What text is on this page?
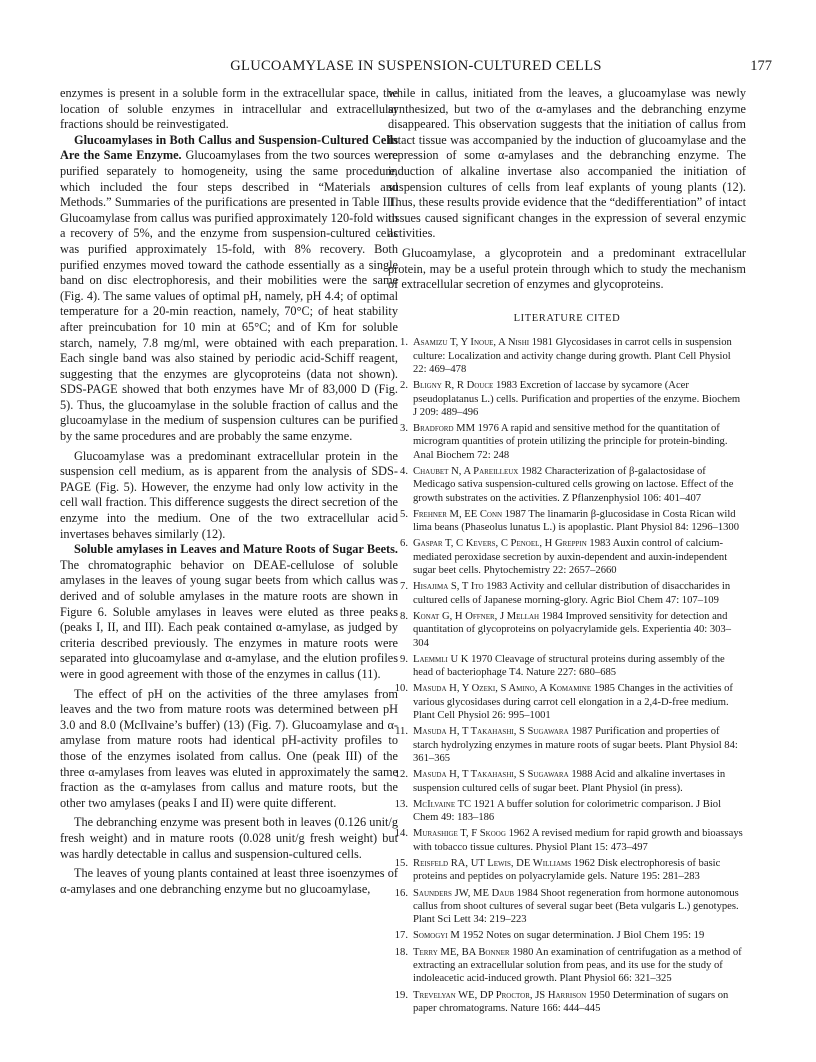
GLUCOAMYLASE IN SUSPENSION-CULTURED CELLS	177

enzymes is present in a soluble form in the extracellular space, the location of soluble enzymes in intracellular and extracellular fractions should be reinvestigated.

Glucoamylases in Both Callus and Suspension-Cultured Cells Are the Same Enzyme. Glucoamylases from the two sources were purified separately to homogeneity, using the same procedure, which included the four steps described in “Materials and Methods.” Summaries of the purifications are presented in Table III. Glucoamylase from callus was purified approximately 120-fold with a recovery of 5%, and the enzyme from suspension-cultured cells was purified approximately 15-fold, with 8% recovery. Both purified enzymes moved toward the cathode essentially as a single band on disc electrophoresis, and their mobilities were the same (Fig. 4). The same values of optimal pH, namely, pH 4.4; of optimal temperature for a 20-min reaction, namely, 70°C; of heat stability after preincubation for 10 min at 65°C; and of Km for soluble starch, namely, 7.8 mg/ml, were obtained with each preparation. Each single band was also stained by periodic acid-Schiff reagent, suggesting that the enzymes are glycoproteins (data not shown). SDS-PAGE showed that both enzymes have Mr of 83,000 D (Fig. 5). Thus, the glucoamylase in the soluble fraction of callus and the glucoamylase in the medium of suspension cultures can be purified by the same procedures and are probably the same enzyme.

Glucoamylase was a predominant extracellular protein in the suspension cell medium, as is apparent from the analysis of SDS-PAGE (Fig. 5). However, the enzyme had only low activity in the cell wall fraction. This difference suggests the direct secretion of the enzyme into the medium. One of the two extracellular acid invertases behaves similarly (12).

Soluble amylases in Leaves and Mature Roots of Sugar Beets. The chromatographic behavior on DEAE-cellulose of soluble amylases in the leaves of young sugar beets from which callus was derived and of soluble amylases in the mature roots are shown in Figure 6. Soluble amylases in leaves were eluted as three peaks (peaks I, II, and III). Each peak contained α-amylase, as judged by criteria described previously. The enzymes in mature roots were separated into glucoamylase and α-amylase, and the elution profiles were in good agreement with those of the enzymes in callus (11).

The effect of pH on the activities of the three amylases from leaves and the two from mature roots was determined between pH 3.0 and 8.0 (McIlvaine’s buffer) (13) (Fig. 7). Glucoamylase and α-amylase from mature roots had identical pH-activity profiles to those of the enzymes isolated from callus. One (peak III) of the three α-amylases from leaves was eluted in approximately the same fraction as the α-amylases from callus and mature roots, but the other two amylases (peaks I and II) were quite different.

The debranching enzyme was present both in leaves (0.126 unit/g fresh weight) and in mature roots (0.028 unit/g fresh weight) but was hardly detectable in callus and suspension-cultured cells.

The leaves of young plants contained at least three isoenzymes of α-amylases and one debranching enzyme but no glucoamylase,

while in callus, initiated from the leaves, a glucoamylase was newly synthesized, but two of the α-amylases and the debranching enzyme disappeared. This observation suggests that the initiation of callus from intact tissue was accompanied by the induction of glucoamylase and the repression of some α-amylases and the debranching enzyme. The induction of alkaline invertase also accompanied the initiation of suspension cultures of cells from leaf explants of young plants (12). Thus, these results provide evidence that the “dedifferentiation” of intact tissues caused significant changes in the expression of several enzymic activities.

Glucoamylase, a glycoprotein and a predominant extracellular protein, may be a useful protein through which to study the mechanism of extracellular secretion of enzymes and glycoproteins.

LITERATURE CITED
1. Asamizu T, Y Inoue, A Nishi 1981 Glycosidases in carrot cells in suspension culture: Localization and activity change during growth. Plant Cell Physiol 22: 469–478
2. Bligny R, R Douce 1983 Excretion of laccase by sycamore (Acer pseudoplatanus L.) cells. Purification and properties of the enzyme. Biochem J 209: 489–496
3. Bradford MM 1976 A rapid and sensitive method for the quantitation of microgram quantities of protein utilizing the principle for protein-binding. Anal Biochem 72: 248
4. Chaubet N, A Pareilleux 1982 Characterization of β-galactosidase of Medicago sativa suspension-cultured cells growing on lactose. Effect of the growth substrates on the activities. Z Pflanzenphysiol 106: 401–407
5. Frehner M, EE Conn 1987 The linamarin β-glucosidase in Costa Rican wild lima beans (Phaseolus lunatus L.) is apoplastic. Plant Physiol 84: 1296–1300
6. Gaspar T, C Kevers, C Penoel, H Greppin 1983 Auxin control of calcium-mediated peroxidase secretion by auxin-dependent and auxin-independent sugar beet cells. Phytochemistry 22: 2657–2660
7. Hisajima S, T Ito 1983 Activity and cellular distribution of disaccharides in cultured cells of Japanese morning-glory. Agric Biol Chem 47: 107–109
8. Konat G, H Offner, J Mellah 1984 Improved sensitivity for detection and quantitation of glycoproteins on polyacrylamide gels. Experientia 40: 303–304
9. Laemmli U K 1970 Cleavage of structural proteins during assembly of the head of bacteriophage T4. Nature 227: 680–685
10. Masuda H, Y Ozeki, S Amino, A Komamine 1985 Changes in the activities of various glycosidases during carrot cell elongation in a 2,4-D-free medium. Plant Cell Physiol 26: 995–1001
11. Masuda H, T Takahashi, S Sugawara 1987 Purification and properties of starch hydrolyzing enzymes in mature roots of sugar beets. Plant Physiol 84: 361–365
12. Masuda H, T Takahashi, S Sugawara 1988 Acid and alkaline invertases in suspension cultured cells of sugar beet. Plant Physiol (in press).
13. McIlvaine TC 1921 A buffer solution for colorimetric comparison. J Biol Chem 49: 183–186
14. Murashige T, F Skoog 1962 A revised medium for rapid growth and bioassays with tobacco tissue cultures. Physiol Plant 15: 473–497
15. Reisfeld RA, UT Lewis, DE Williams 1962 Disk electrophoresis of basic proteins and peptides on polyacrylamide gels. Nature 195: 281–283
16. Saunders JW, ME Daub 1984 Shoot regeneration from hormone autonomous callus from shoot cultures of several sugar beet (Beta vulgaris L.) genotypes. Plant Sci Lett 34: 219–223
17. Somogyi M 1952 Notes on sugar determination. J Biol Chem 195: 19
18. Terry ME, BA Bonner 1980 An examination of centrifugation as a method of extracting an extracellular solution from peas, and its use for the study of indoleacetic acid-induced growth. Plant Physiol 66: 321–325
19. Trevelyan WE, DP Proctor, JS Harrison 1950 Determination of sugars on paper chromatograms. Nature 166: 444–445
